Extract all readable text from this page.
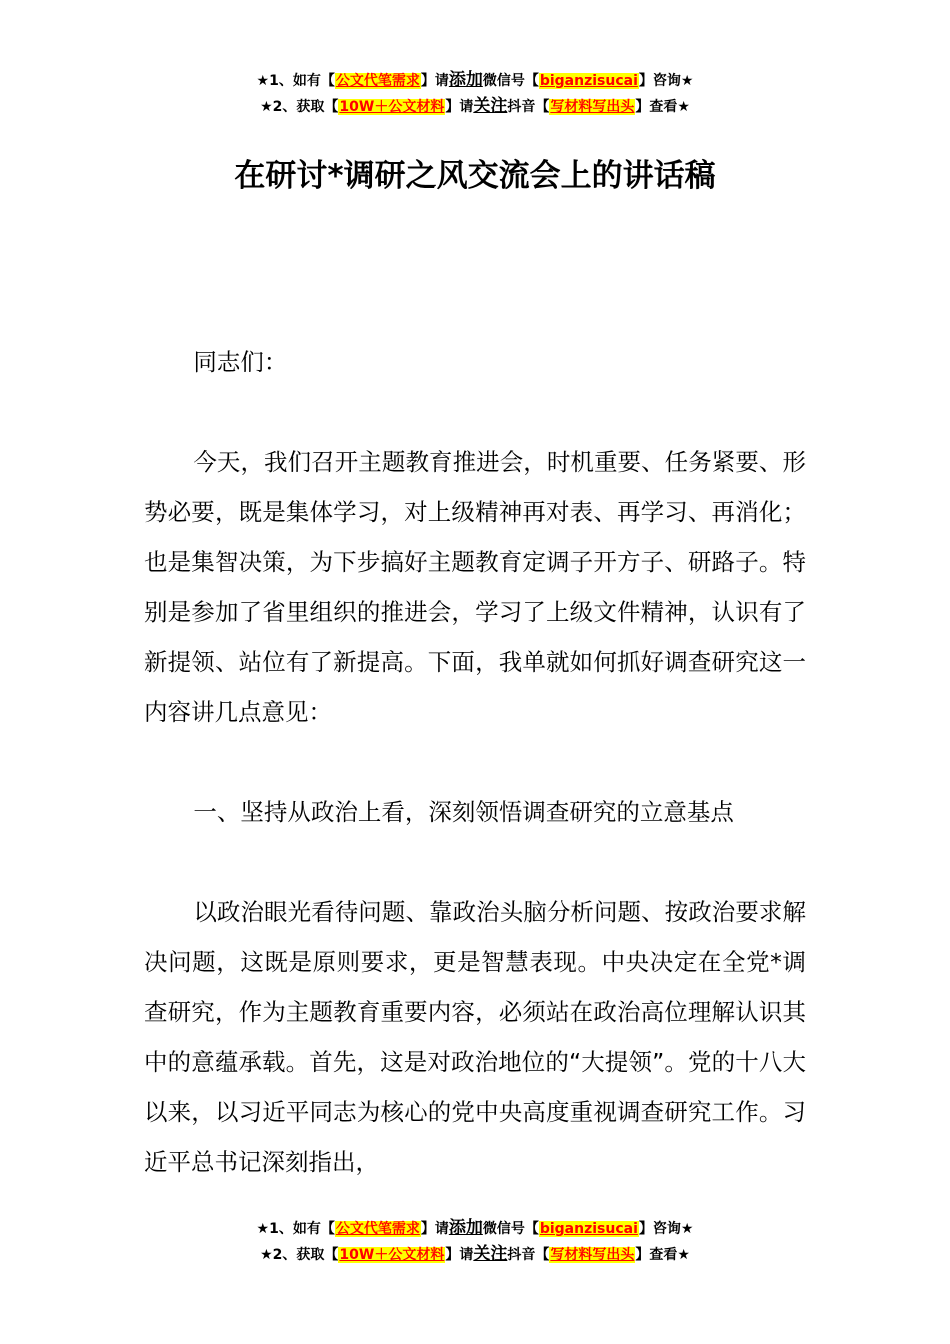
★1、如有【公文代笔需求】请添加微信号【biganzisucai】咨询★
★2、获取【10W＋公文材料】请关注抖音【写材料写出头】查看★
在研讨*调研之风交流会上的讲话稿

同志们：

今天，我们召开主题教育推进会，时机重要、任务紧要、形势必要，既是集体学习，对上级精神再对表、再学习、再消化；也是集智决策，为下步搞好主题教育定调子开方子、研路子。特别是参加了省里组织的推进会，学习了上级文件精神，认识有了新提领、站位有了新提高。下面，我单就如何抓好调查研究这一内容讲几点意见：

一、坚持从政治上看，深刻领悟调查研究的立意基点

以政治眼光看待问题、靠政治头脑分析问题、按政治要求解决问题，这既是原则要求，更是智慧表现。中央决定在全党*调查研究，作为主题教育重要内容，必须站在政治高位理解认识其中的意蕴承载。首先，这是对政治地位的“大提领”。党的十八大以来，以习近平同志为核心的党中央高度重视调查研究工作。习近平总书记深刻指出，

★1、如有【公文代笔需求】请添加微信号【biganzisucai】咨询★
★2、获取【10W＋公文材料】请关注抖音【写材料写出头】查看★
